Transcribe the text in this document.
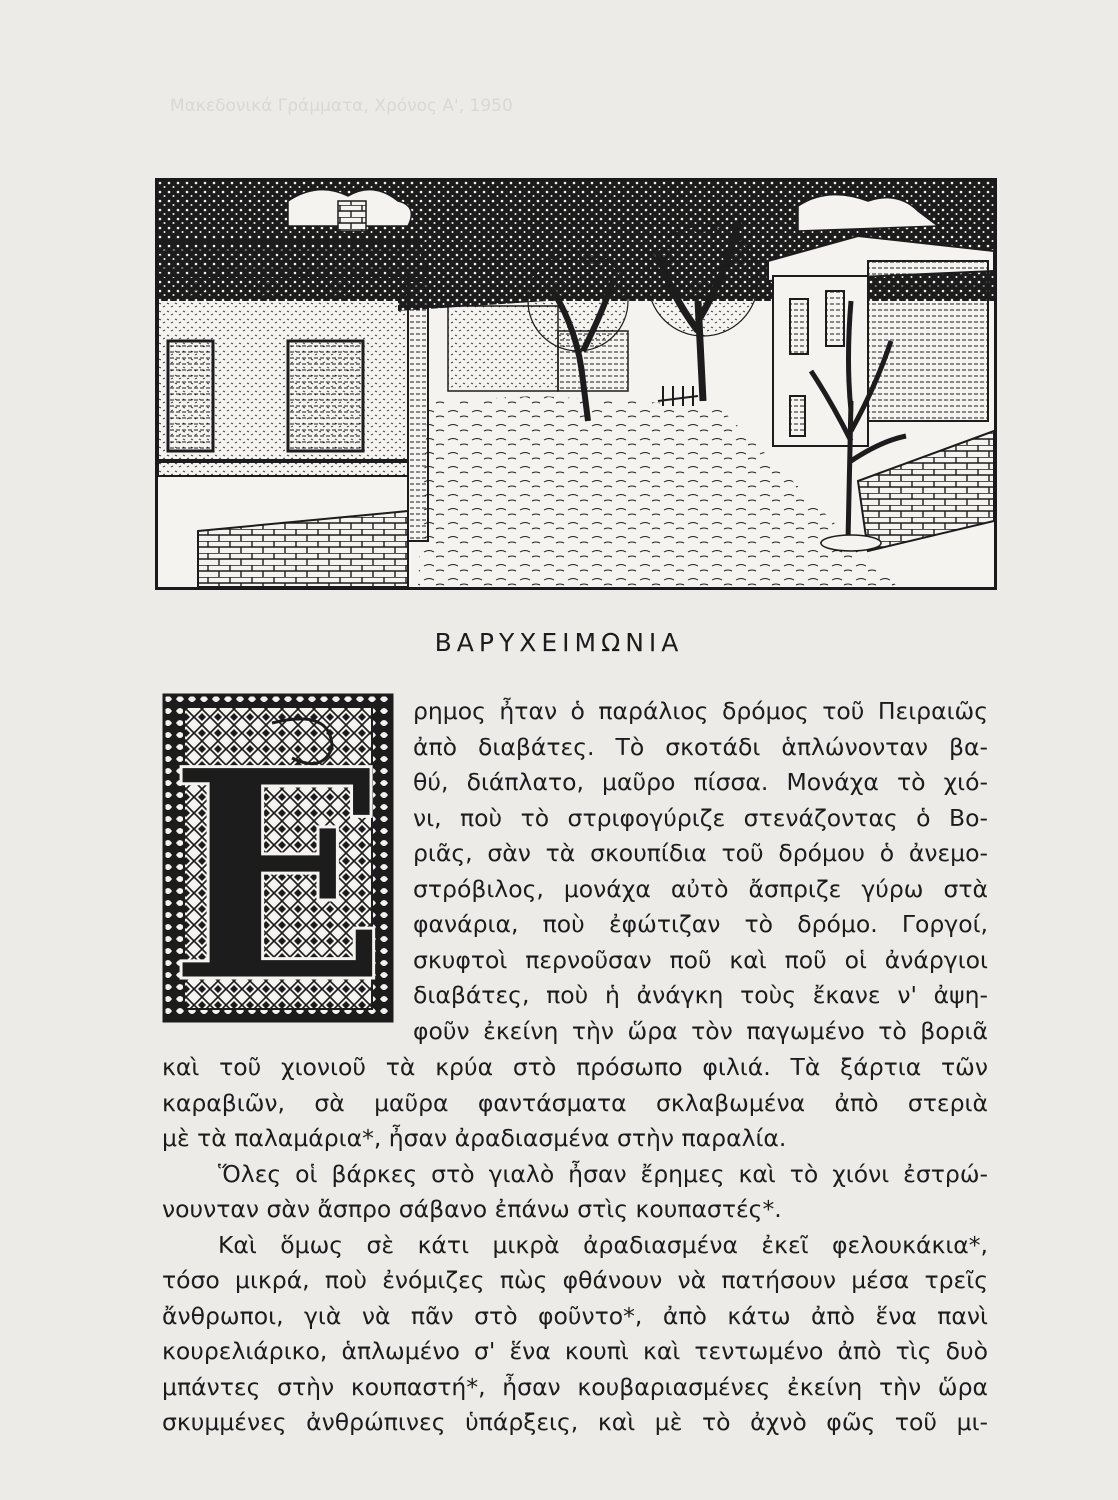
Μακεδονικά Γράμματα, Χρόνος Α', 1950
ΒΑΡΥΧΕΙΜΩΝΙΑ
Ε ρημος ἦταν ὁ παράλιος δρόμος τοῦ Πειραιῶς
ἀπὸ διαβάτες. Τὸ σκοτάδι ἁπλώνονταν βα-
θύ, διάπλατο, μαῦρο πίσσα. Μονάχα τὸ χιό-
νι, ποὺ τὸ στριφογύριζε στενάζοντας ὁ Βο-
ριᾶς, σὰν τὰ σκουπίδια τοῦ δρόμου ὁ ἀνεμο-
στρόβιλος, μονάχα αὐτὸ ἄσπριζε γύρω στὰ
φανάρια, ποὺ ἐφώτιζαν τὸ δρόμο. Γοργοί,
σκυφτοὶ περνοῦσαν ποῦ καὶ ποῦ οἱ ἀνάργιοι
διαβάτες, ποὺ ἡ ἀνάγκη τοὺς ἔκανε ν' ἀψη-
φοῦν ἐκείνη τὴν ὥρα τὸν παγωμένο τὸ βοριᾶ
καὶ τοῦ χιονιοῦ τὰ κρύα στὸ πρόσωπο φιλιά. Τὰ ξάρτια τῶν
καραβιῶν, σὰ μαῦρα φαντάσματα σκλαβωμένα ἀπὸ στεριὰ
μὲ τὰ παλαμάρια*, ἦσαν ἀραδιασμένα στὴν παραλία.
Ὅλες οἱ βάρκες στὸ γιαλὸ ἦσαν ἔρημες καὶ τὸ χιόνι ἐστρώ-
νουνταν σὰν ἄσπρο σάβανο ἐπάνω στὶς κουπαστές*.
Καὶ ὅμως σὲ κάτι μικρὰ ἀραδιασμένα ἐκεῖ φελουκάκια*,
τόσο μικρά, ποὺ ἐνόμιζες πὼς φθάνουν νὰ πατήσουν μέσα τρεῖς
ἄνθρωποι, γιὰ νὰ πᾶν στὸ φοῦντο*, ἀπὸ κάτω ἀπὸ ἕνα πανὶ
κουρελιάρικο, ἁπλωμένο σ' ἕνα κουπὶ καὶ τεντωμένο ἀπὸ τὶς δυὸ
μπάντες στὴν κουπαστή*, ἦσαν κουβαριασμένες ἐκείνη τὴν ὥρα
σκυμμένες ἀνθρώπινες ὑπάρξεις, καὶ μὲ τὸ ἀχνὸ φῶς τοῦ μι-
